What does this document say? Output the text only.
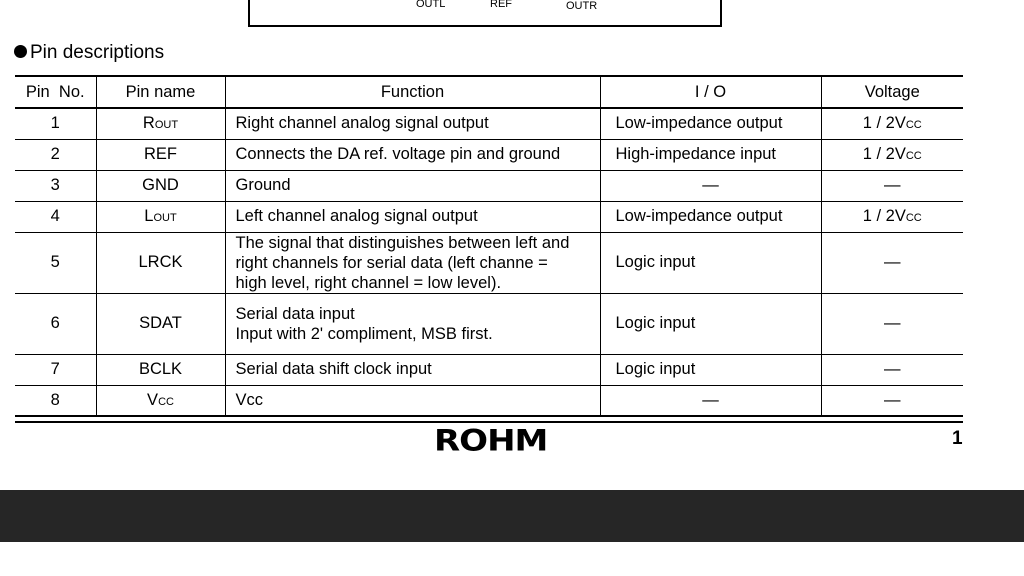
OUTL	REF	OUTR
Pin descriptions
Pin  No.	Pin name	Function	I / O	Voltage
1	ROUT	Right channel analog signal output	Low-impedance output	1 / 2VCC
2	REF	Connects the DA ref. voltage pin and ground	High-impedance input	1 / 2VCC
3	GND	Ground	—	—
4	LOUT	Left channel analog signal output	Low-impedance output	1 / 2VCC
5	LRCK	The signal that distinguishes between left and
right channels for serial data (left channe =
high level, right channel = low level).	Logic input	—
6	SDAT	Serial data input
Input with 2' compliment, MSB first.	Logic input	—
7	BCLK	Serial data shift clock input	Logic input	—
8	VCC	Vcc	—	—
ROHM	1
